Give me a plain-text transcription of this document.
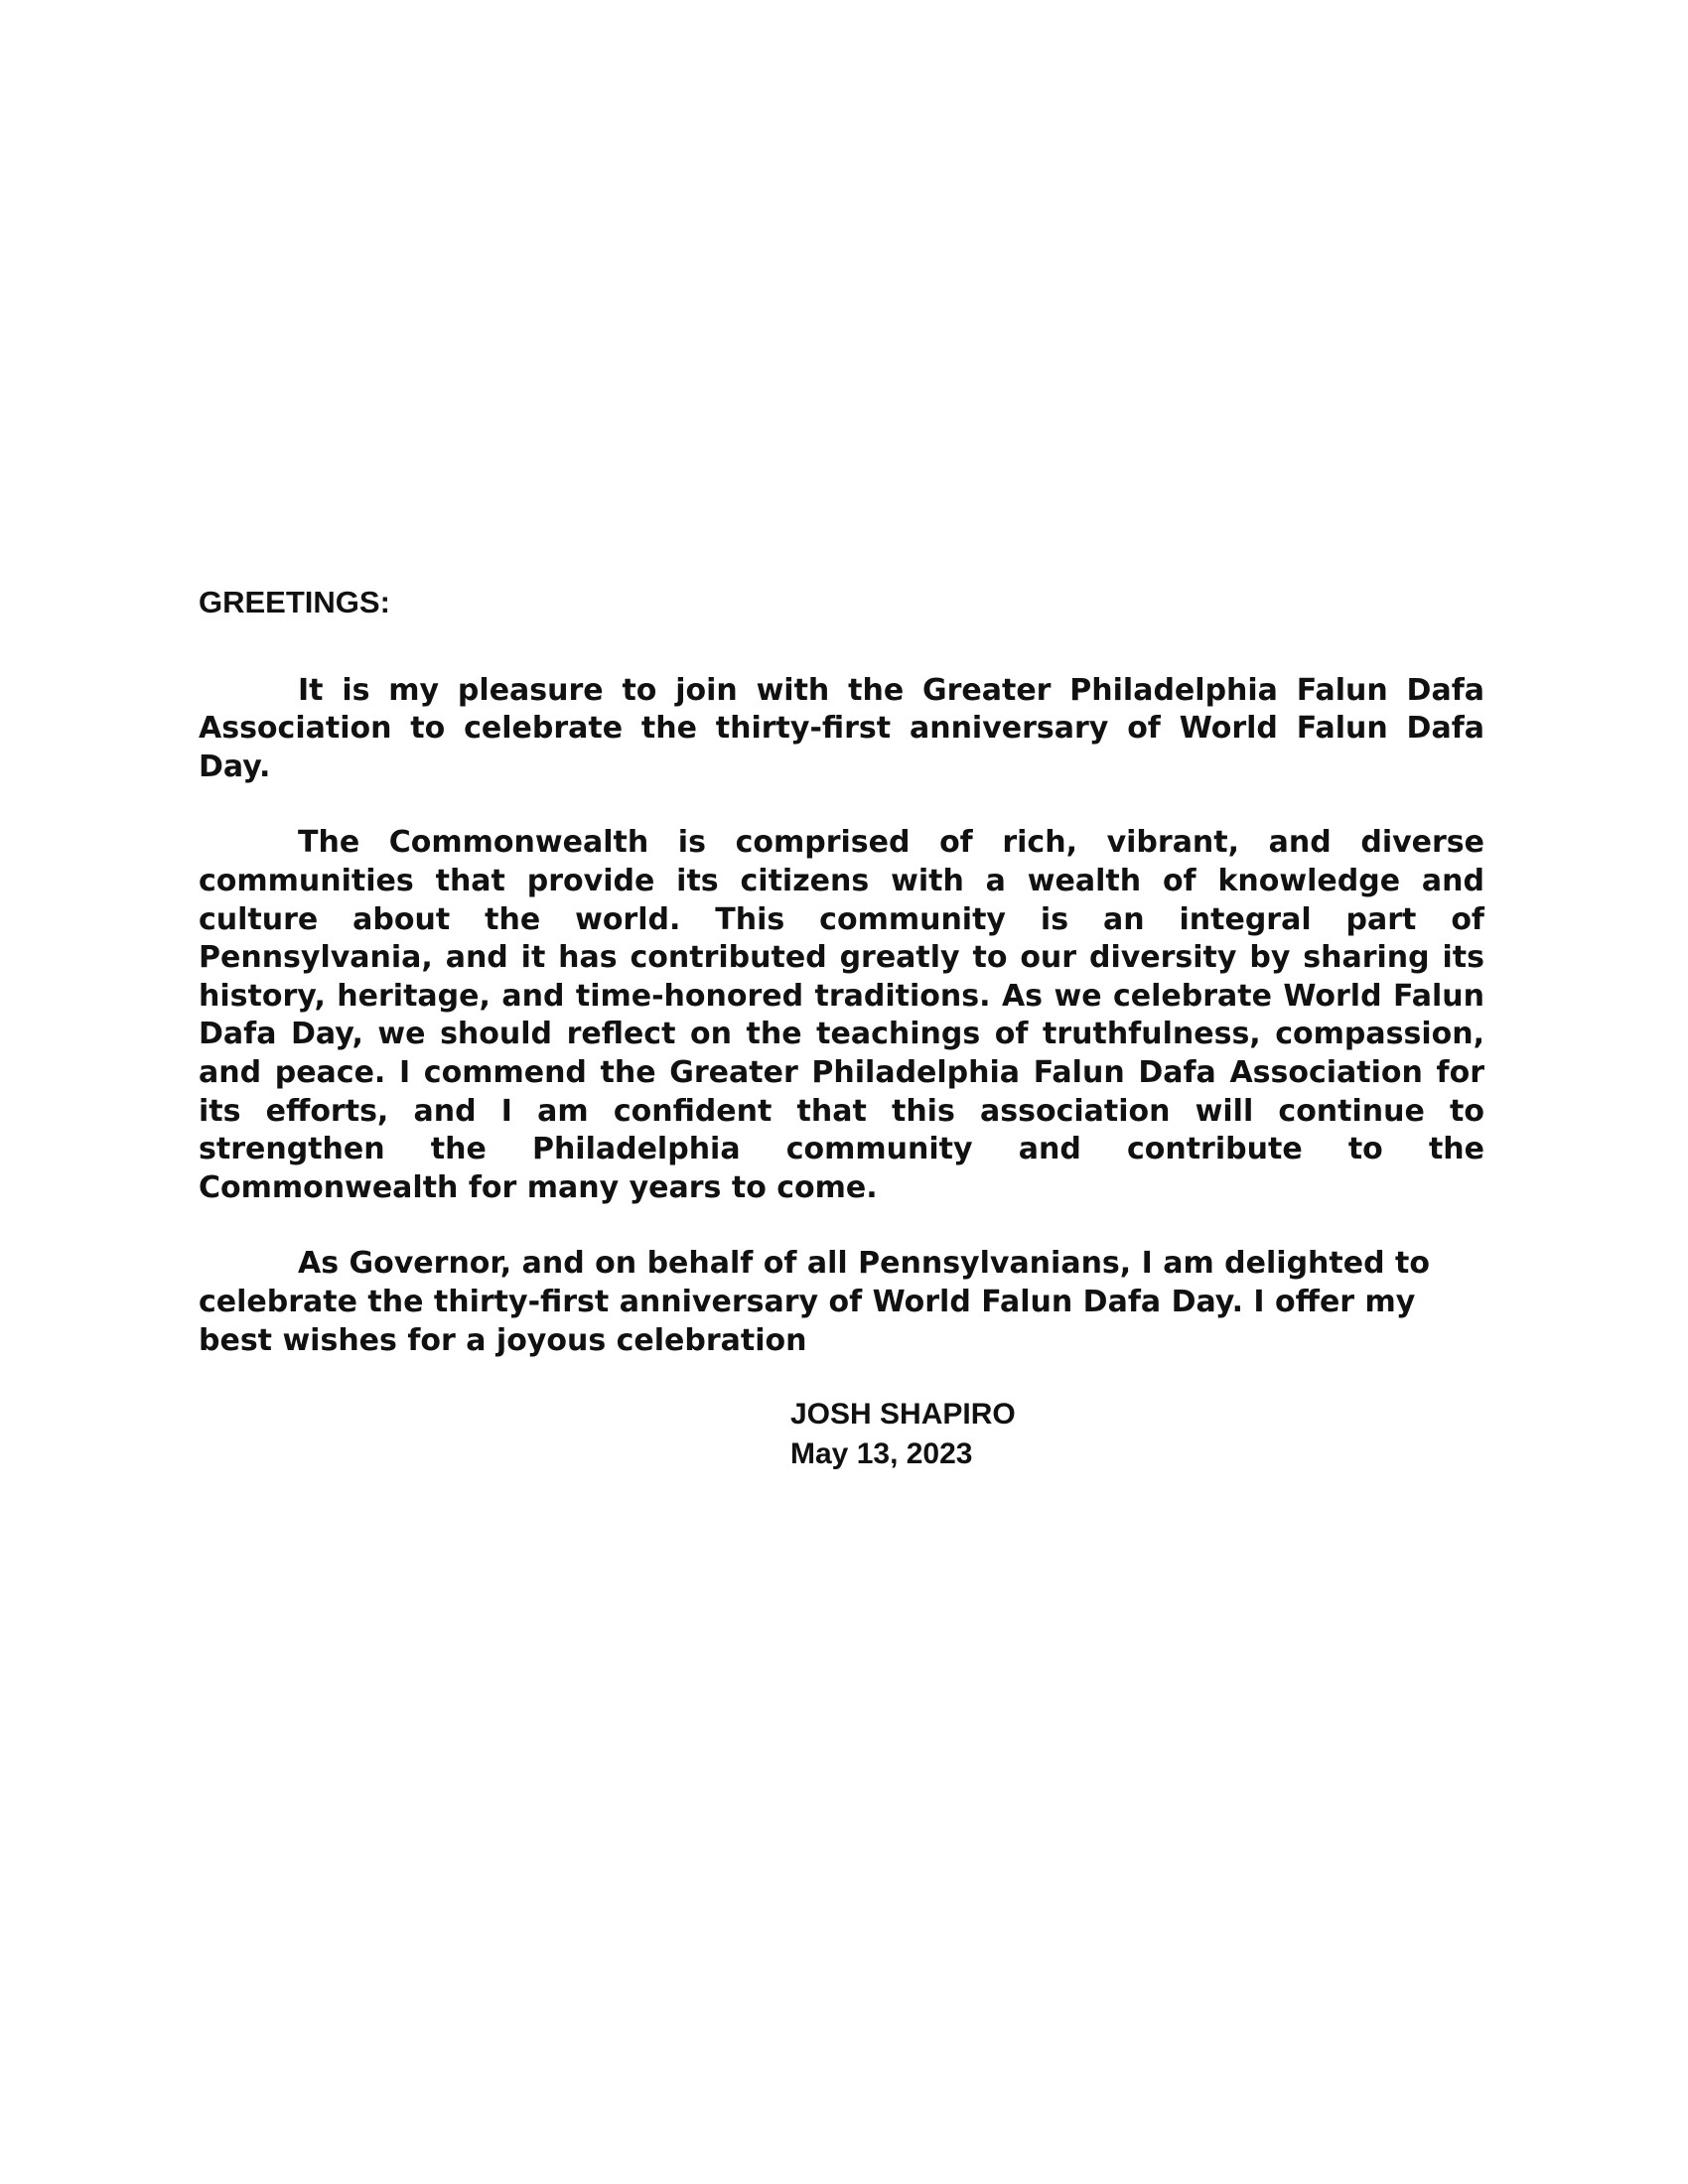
GREETINGS:

It is my pleasure to join with the Greater Philadelphia Falun Dafa Association to celebrate the thirty-first anniversary of World Falun Dafa Day.

The Commonwealth is comprised of rich, vibrant, and diverse communities that provide its citizens with a wealth of knowledge and culture about the world. This community is an integral part of Pennsylvania, and it has contributed greatly to our diversity by sharing its history, heritage, and time-honored traditions. As we celebrate World Falun Dafa Day, we should reflect on the teachings of truthfulness, compassion, and peace. I commend the Greater Philadelphia Falun Dafa Association for its efforts, and I am confident that this association will continue to strengthen the Philadelphia community and contribute to the Commonwealth for many years to come.

As Governor, and on behalf of all Pennsylvanians, I am delighted to celebrate the thirty-first anniversary of World Falun Dafa Day. I offer my best wishes for a joyous celebration

JOSH SHAPIRO
May 13, 2023
